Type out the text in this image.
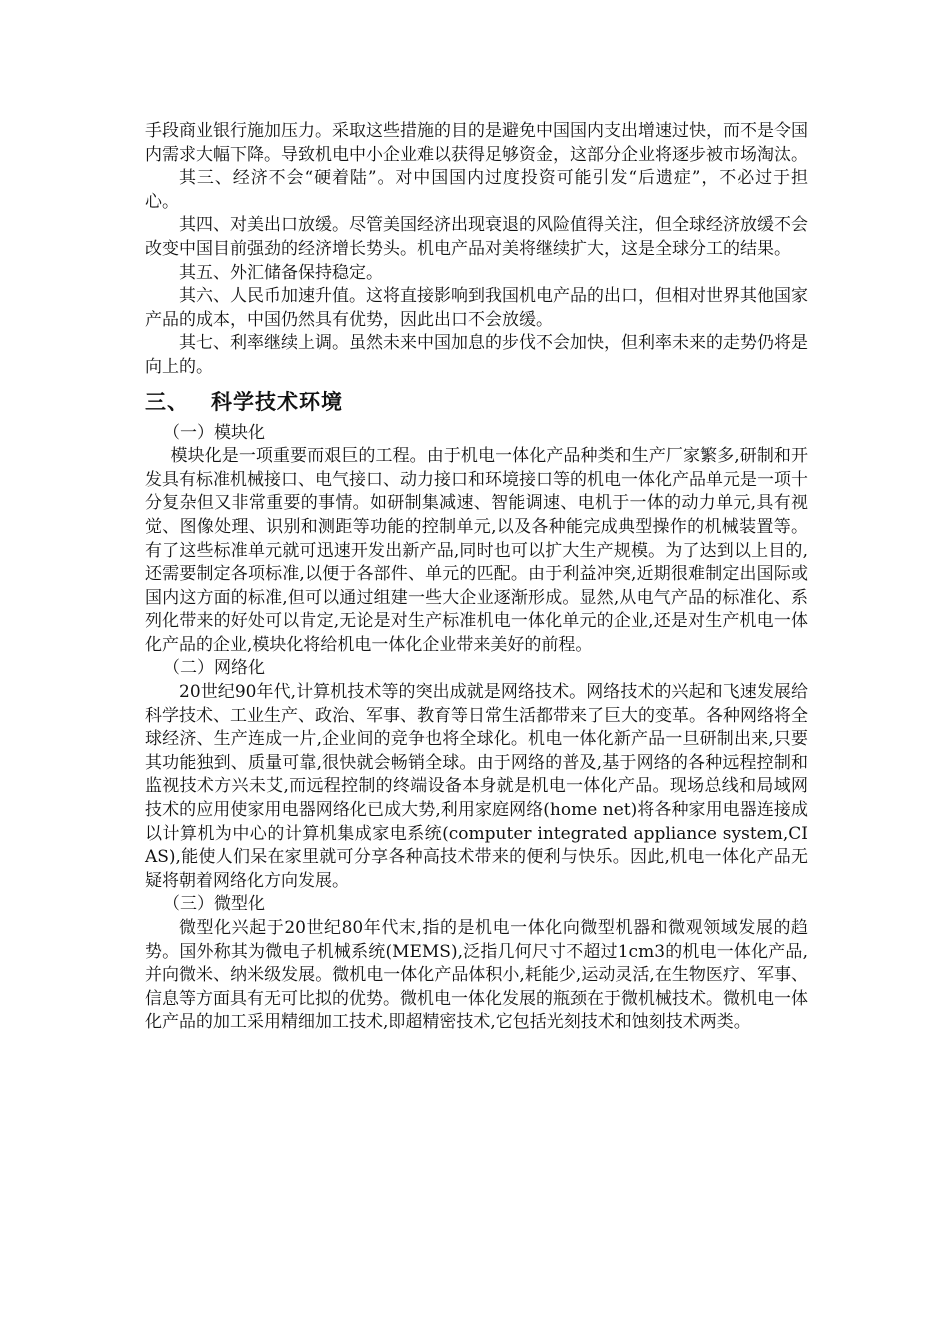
手段商业银行施加压力。采取这些措施的目的是避免中国国内支出增速过快，而不是令国内需求大幅下降。导致机电中小企业难以获得足够资金，这部分企业将逐步被市场淘汰。

其三、经济不会“硬着陆”。对中国国内过度投资可能引发“后遗症”，不必过于担心。

其四、对美出口放缓。尽管美国经济出现衰退的风险值得关注，但全球经济放缓不会改变中国目前强劲的经济增长势头。机电产品对美将继续扩大，这是全球分工的结果。

其五、外汇储备保持稳定。

其六、人民币加速升值。这将直接影响到我国机电产品的出口，但相对世界其他国家产品的成本，中国仍然具有优势，因此出口不会放缓。

其七、利率继续上调。虽然未来中国加息的步伐不会加快，但利率未来的走势仍将是向上的。

三、 科学技术环境

（一）模块化

模块化是一项重要而艰巨的工程。由于机电一体化产品种类和生产厂家繁多,研制和开发具有标准机械接口、电气接口、动力接口和环境接口等的机电一体化产品单元是一项十分复杂但又非常重要的事情。如研制集减速、智能调速、电机于一体的动力单元,具有视觉、图像处理、识别和测距等功能的控制单元,以及各种能完成典型操作的机械装置等。有了这些标准单元就可迅速开发出新产品,同时也可以扩大生产规模。为了达到以上目的,还需要制定各项标准,以便于各部件、单元的匹配。由于利益冲突,近期很难制定出国际或国内这方面的标准,但可以通过组建一些大企业逐渐形成。显然,从电气产品的标准化、系列化带来的好处可以肯定,无论是对生产标准机电一体化单元的企业,还是对生产机电一体化产品的企业,模块化将给机电一体化企业带来美好的前程。

（二）网络化

20世纪90年代,计算机技术等的突出成就是网络技术。网络技术的兴起和飞速发展给科学技术、工业生产、政治、军事、教育等日常生活都带来了巨大的变革。各种网络将全球经济、生产连成一片,企业间的竞争也将全球化。机电一体化新产品一旦研制出来,只要其功能独到、质量可靠,很快就会畅销全球。由于网络的普及,基于网络的各种远程控制和监视技术方兴未艾,而远程控制的终端设备本身就是机电一体化产品。现场总线和局域网技术的应用使家用电器网络化已成大势,利用家庭网络(home net)将各种家用电器连接成以计算机为中心的计算机集成家电系统(computer integrated appliance system,CIAS),能使人们呆在家里就可分享各种高技术带来的便利与快乐。因此,机电一体化产品无疑将朝着网络化方向发展。

（三）微型化

微型化兴起于20世纪80年代末,指的是机电一体化向微型机器和微观领域发展的趋势。国外称其为微电子机械系统(MEMS),泛指几何尺寸不超过1cm3的机电一体化产品,并向微米、纳米级发展。微机电一体化产品体积小,耗能少,运动灵活,在生物医疗、军事、信息等方面具有无可比拟的优势。微机电一体化发展的瓶颈在于微机械技术。微机电一体化产品的加工采用精细加工技术,即超精密技术,它包括光刻技术和蚀刻技术两类。
